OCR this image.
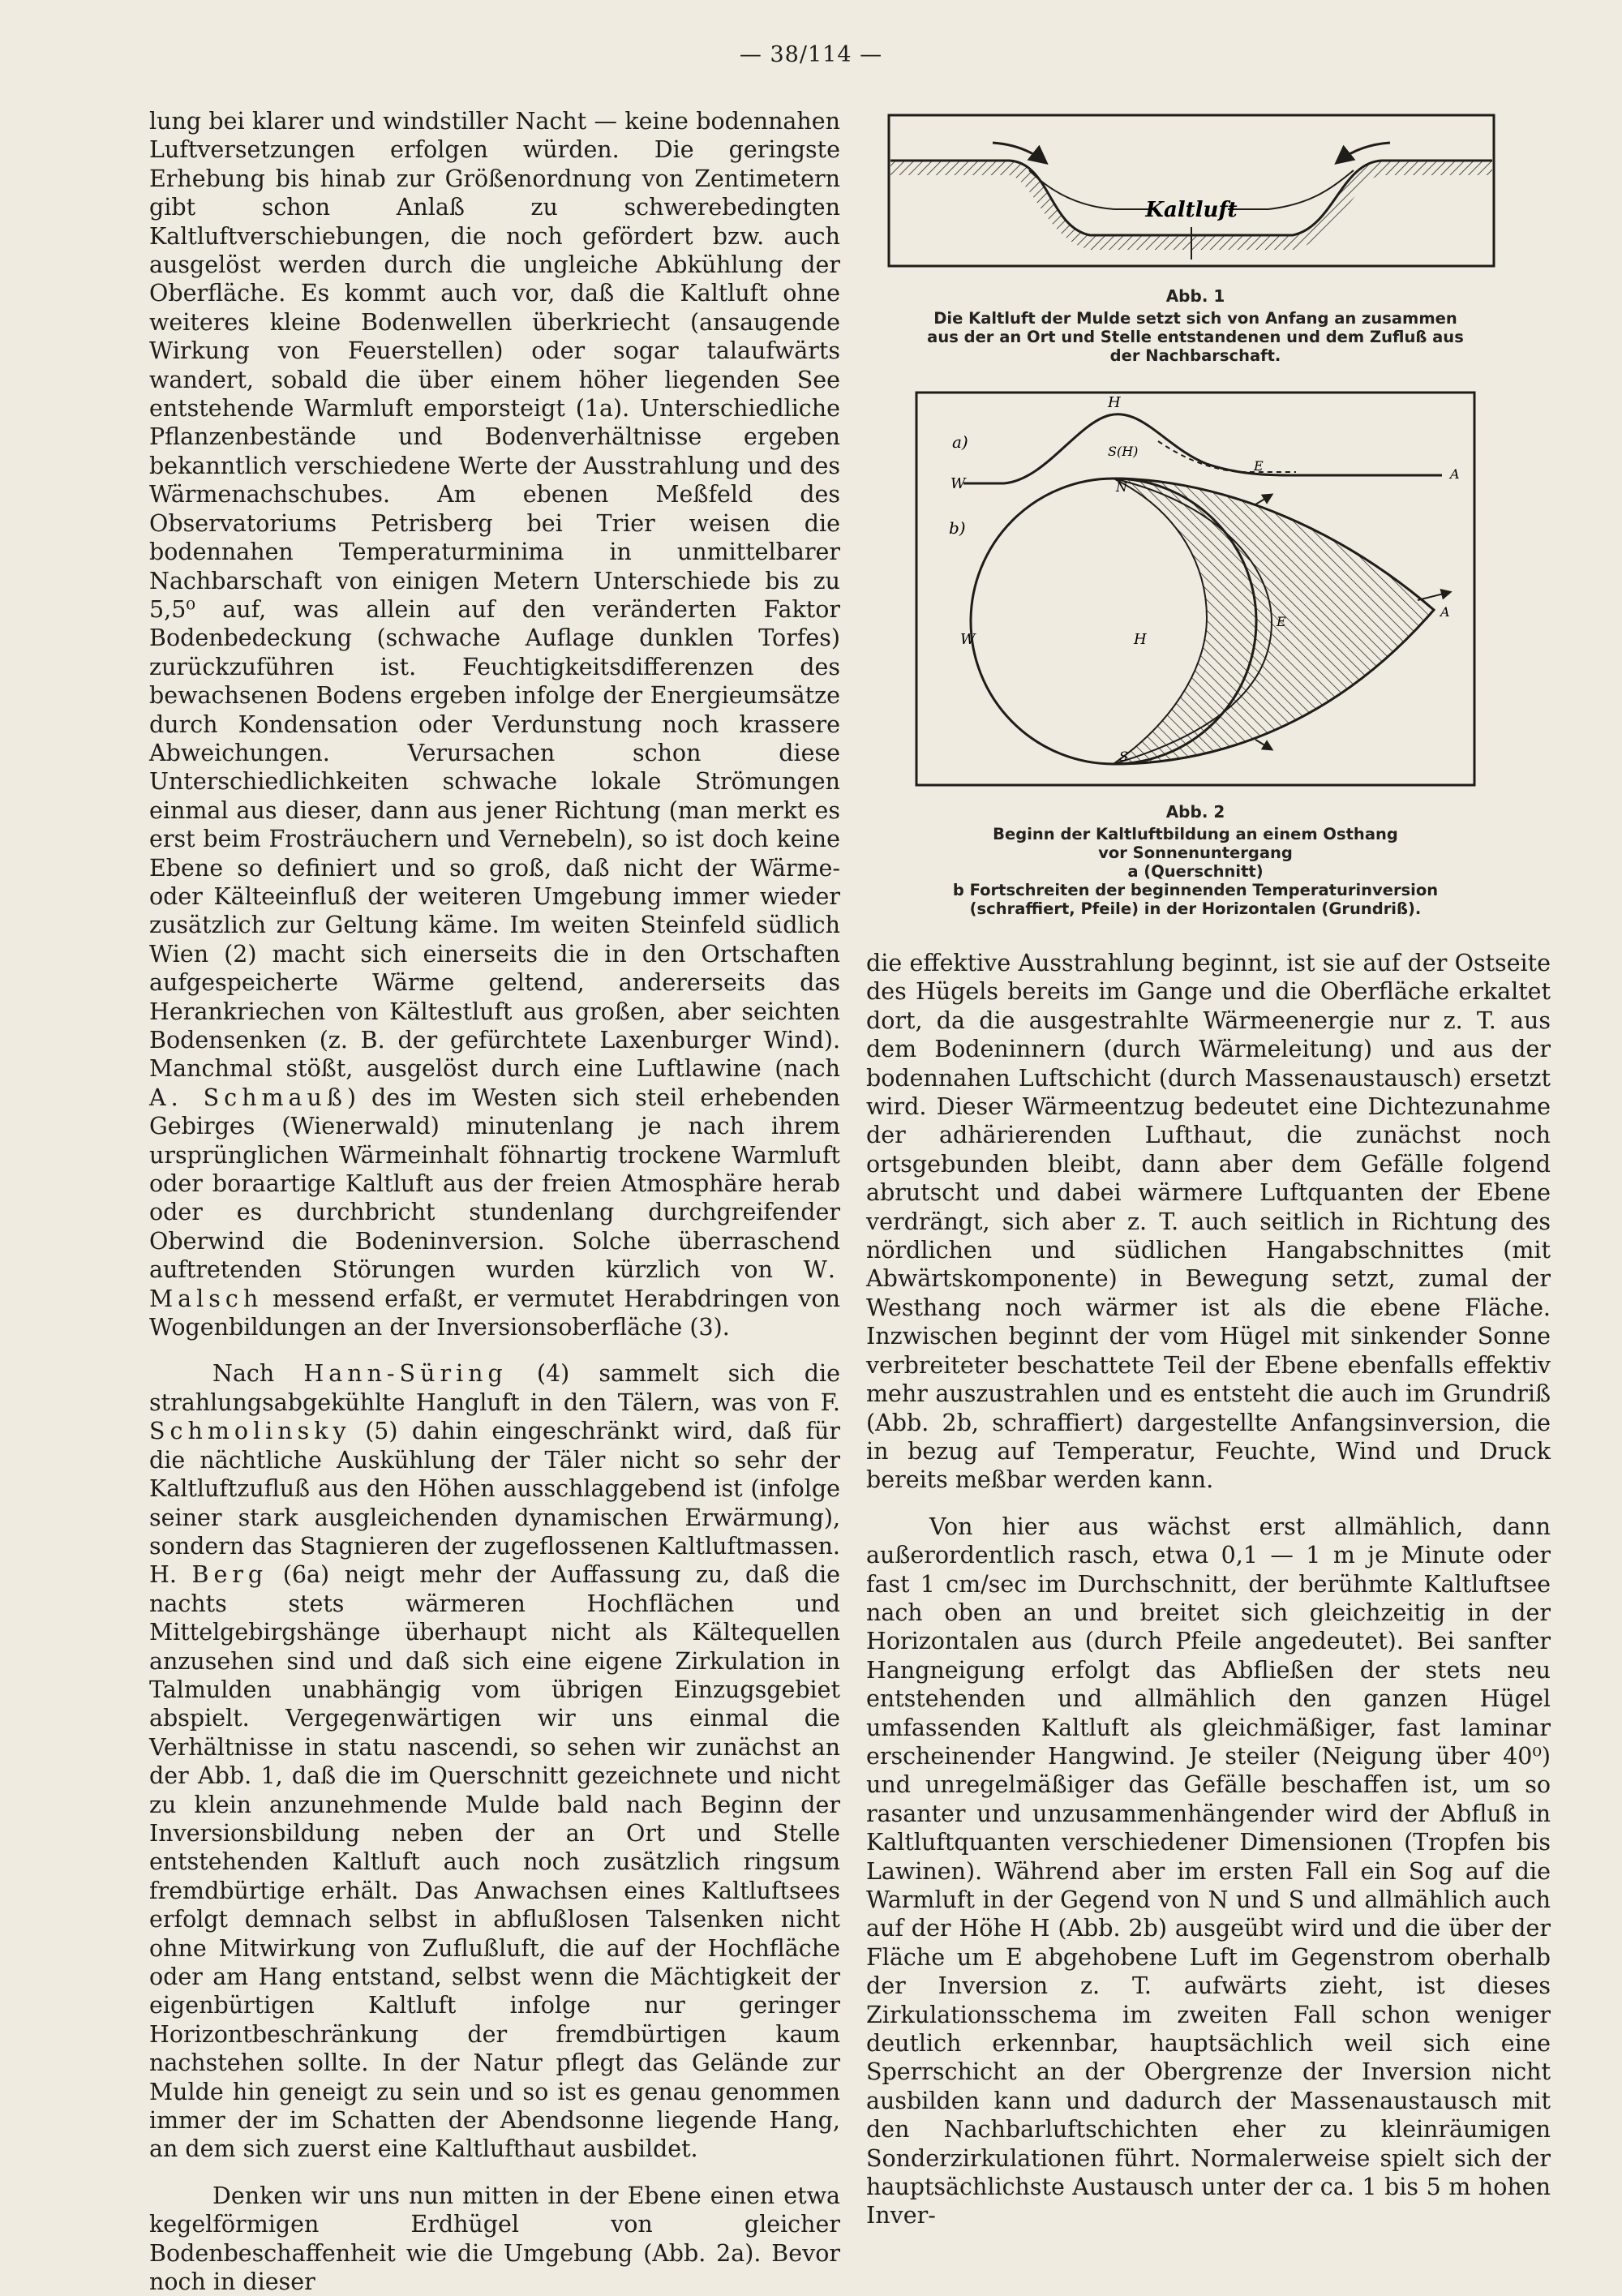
— 38/114 —

lung bei klarer und windstiller Nacht — keine bodennahen Luftversetzungen erfolgen würden. Die geringste Erhebung bis hinab zur Größenordnung von Zentimetern gibt schon Anlaß zu schwerebedingten Kaltluftverschiebungen, die noch gefördert bzw. auch ausgelöst werden durch die ungleiche Abkühlung der Oberfläche. Es kommt auch vor, daß die Kaltluft ohne weiteres kleine Bodenwellen überkriecht (ansaugende Wirkung von Feuerstellen) oder sogar talaufwärts wandert, sobald die über einem höher liegenden See entstehende Warmluft emporsteigt (1a). Unterschiedliche Pflanzenbestände und Bodenverhältnisse ergeben bekanntlich verschiedene Werte der Ausstrahlung und des Wärmenachschubes. Am ebenen Meßfeld des Observatoriums Petrisberg bei Trier weisen die bodennahen Temperaturminima in unmittelbarer Nachbarschaft von einigen Metern Unterschiede bis zu 5,5⁰ auf, was allein auf den veränderten Faktor Bodenbedeckung (schwache Auflage dunklen Torfes) zurückzuführen ist. Feuchtigkeitsdifferenzen des bewachsenen Bodens ergeben infolge der Energieumsätze durch Kondensation oder Verdunstung noch krassere Abweichungen. Verursachen schon diese Unterschiedlichkeiten schwache lokale Strömungen einmal aus dieser, dann aus jener Richtung (man merkt es erst beim Frosträuchern und Vernebeln), so ist doch keine Ebene so definiert und so groß, daß nicht der Wärme- oder Kälteeinfluß der weiteren Umgebung immer wieder zusätzlich zur Geltung käme. Im weiten Steinfeld südlich Wien (2) macht sich einerseits die in den Ortschaften aufgespeicherte Wärme geltend, andererseits das Herankriechen von Kältestluft aus großen, aber seichten Bodensenken (z. B. der gefürchtete Laxenburger Wind). Manchmal stößt, ausgelöst durch eine Luftlawine (nach A. Schmauß) des im Westen sich steil erhebenden Gebirges (Wienerwald) minutenlang je nach ihrem ursprünglichen Wärmeinhalt föhnartig trockene Warmluft oder boraartige Kaltluft aus der freien Atmosphäre herab oder es durchbricht stundenlang durchgreifender Oberwind die Bodeninversion. Solche überraschend auftretenden Störungen wurden kürzlich von W. Malsch messend erfaßt, er vermutet Herabdringen von Wogenbildungen an der Inversionsoberfläche (3).

Nach Hann-Süring (4) sammelt sich die strahlungsabgekühlte Hangluft in den Tälern, was von F. Schmolinsky (5) dahin eingeschränkt wird, daß für die nächtliche Auskühlung der Täler nicht so sehr der Kaltluftzufluß aus den Höhen ausschlaggebend ist (infolge seiner stark ausgleichenden dynamischen Erwärmung), sondern das Stagnieren der zugeflossenen Kaltluftmassen. H. Berg (6a) neigt mehr der Auffassung zu, daß die nachts stets wärmeren Hochflächen und Mittelgebirgshänge überhaupt nicht als Kältequellen anzusehen sind und daß sich eine eigene Zirkulation in Talmulden unabhängig vom übrigen Einzugsgebiet abspielt. Vergegenwärtigen wir uns einmal die Verhältnisse in statu nascendi, so sehen wir zunächst an der Abb. 1, daß die im Querschnitt gezeichnete und nicht zu klein anzunehmende Mulde bald nach Beginn der Inversionsbildung neben der an Ort und Stelle entstehenden Kaltluft auch noch zusätzlich ringsum fremdbürtige erhält. Das Anwachsen eines Kaltluftsees erfolgt demnach selbst in abflußlosen Talsenken nicht ohne Mitwirkung von Zuflußluft, die auf der Hochfläche oder am Hang entstand, selbst wenn die Mächtigkeit der eigenbürtigen Kaltluft infolge nur geringer Horizontbeschränkung der fremdbürtigen kaum nachstehen sollte. In der Natur pflegt das Gelände zur Mulde hin geneigt zu sein und so ist es genau genommen immer der im Schatten der Abendsonne liegende Hang, an dem sich zuerst eine Kaltlufthaut ausbildet.

Denken wir uns nun mitten in der Ebene einen etwa kegelförmigen Erdhügel von gleicher Bodenbeschaffenheit wie die Umgebung (Abb. 2a). Bevor noch in dieser

Kaltluft
Abb. 1
Die Kaltluft der Mulde setzt sich von Anfang an zusammen
aus der an Ort und Stelle entstandenen und dem Zufluß aus
der Nachbarschaft.
a)
W
H
S(H)
E
A
b)
N
W	H
E
A
S
Abb. 2
Beginn der Kaltluftbildung an einem Osthang
vor Sonnenuntergang
a (Querschnitt)
b Fortschreiten der beginnenden Temperaturinversion
(schraffiert, Pfeile) in der Horizontalen (Grundriß).

die effektive Ausstrahlung beginnt, ist sie auf der Ostseite des Hügels bereits im Gange und die Oberfläche erkaltet dort, da die ausgestrahlte Wärmeenergie nur z. T. aus dem Bodeninnern (durch Wärmeleitung) und aus der bodennahen Luftschicht (durch Massenaustausch) ersetzt wird. Dieser Wärmeentzug bedeutet eine Dichtezunahme der adhärierenden Lufthaut, die zunächst noch ortsgebunden bleibt, dann aber dem Gefälle folgend abrutscht und dabei wärmere Luftquanten der Ebene verdrängt, sich aber z. T. auch seitlich in Richtung des nördlichen und südlichen Hangabschnittes (mit Abwärtskomponente) in Bewegung setzt, zumal der Westhang noch wärmer ist als die ebene Fläche. Inzwischen beginnt der vom Hügel mit sinkender Sonne verbreiteter beschattete Teil der Ebene ebenfalls effektiv mehr auszustrahlen und es entsteht die auch im Grundriß (Abb. 2b, schraffiert) dargestellte Anfangsinversion, die in bezug auf Temperatur, Feuchte, Wind und Druck bereits meßbar werden kann.

Von hier aus wächst erst allmählich, dann außerordentlich rasch, etwa 0,1 — 1 m je Minute oder fast 1 cm/sec im Durchschnitt, der berühmte Kaltluftsee nach oben an und breitet sich gleichzeitig in der Horizontalen aus (durch Pfeile angedeutet). Bei sanfter Hangneigung erfolgt das Abfließen der stets neu entstehenden und allmählich den ganzen Hügel umfassenden Kaltluft als gleichmäßiger, fast laminar erscheinender Hangwind. Je steiler (Neigung über 40⁰) und unregelmäßiger das Gefälle beschaffen ist, um so rasanter und unzusammenhängender wird der Abfluß in Kaltluftquanten verschiedener Dimensionen (Tropfen bis Lawinen). Während aber im ersten Fall ein Sog auf die Warmluft in der Gegend von N und S und allmählich auch auf der Höhe H (Abb. 2b) ausgeübt wird und die über der Fläche um E abgehobene Luft im Gegenstrom oberhalb der Inversion z. T. aufwärts zieht, ist dieses Zirkulationsschema im zweiten Fall schon weniger deutlich erkennbar, hauptsächlich weil sich eine Sperrschicht an der Obergrenze der Inversion nicht ausbilden kann und dadurch der Massenaustausch mit den Nachbarluftschichten eher zu kleinräumigen Sonderzirkulationen führt. Normalerweise spielt sich der hauptsächlichste Austausch unter der ca. 1 bis 5 m hohen Inver-
